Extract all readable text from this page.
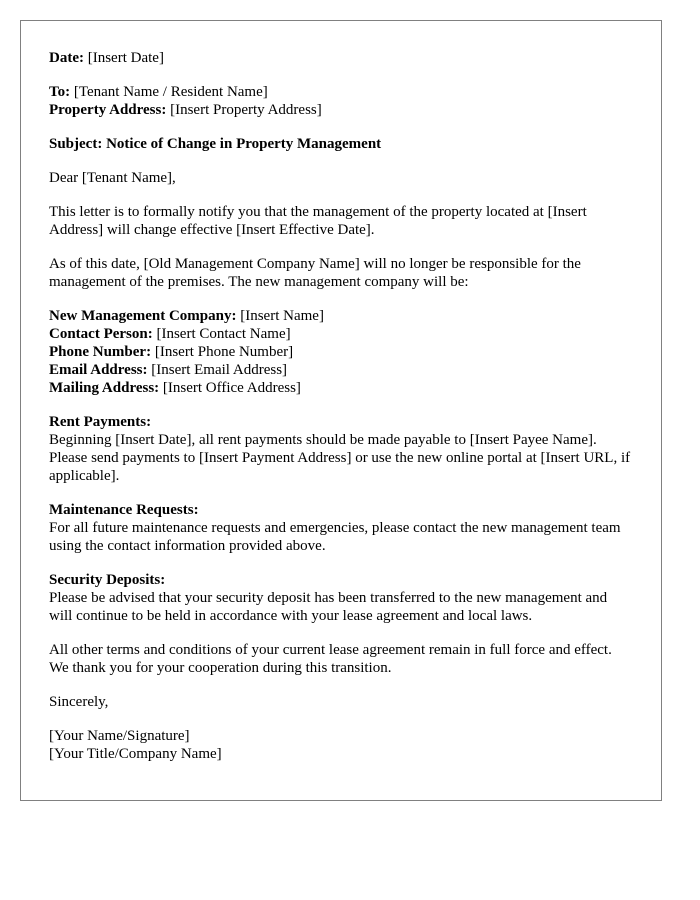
Date: [Insert Date]

To: [Tenant Name / Resident Name]
Property Address: [Insert Property Address]

Subject: Notice of Change in Property Management

Dear [Tenant Name],

This letter is to formally notify you that the management of the property located at [Insert Address] will change effective [Insert Effective Date].

As of this date, [Old Management Company Name] will no longer be responsible for the management of the premises. The new management company will be:

New Management Company: [Insert Name]
Contact Person: [Insert Contact Name]
Phone Number: [Insert Phone Number]
Email Address: [Insert Email Address]
Mailing Address: [Insert Office Address]

Rent Payments:
Beginning [Insert Date], all rent payments should be made payable to [Insert Payee Name]. Please send payments to [Insert Payment Address] or use the new online portal at [Insert URL, if applicable].

Maintenance Requests:
For all future maintenance requests and emergencies, please contact the new management team using the contact information provided above.

Security Deposits:
Please be advised that your security deposit has been transferred to the new management and will continue to be held in accordance with your lease agreement and local laws.

All other terms and conditions of your current lease agreement remain in full force and effect. We thank you for your cooperation during this transition.

Sincerely,

[Your Name/Signature]
[Your Title/Company Name]
